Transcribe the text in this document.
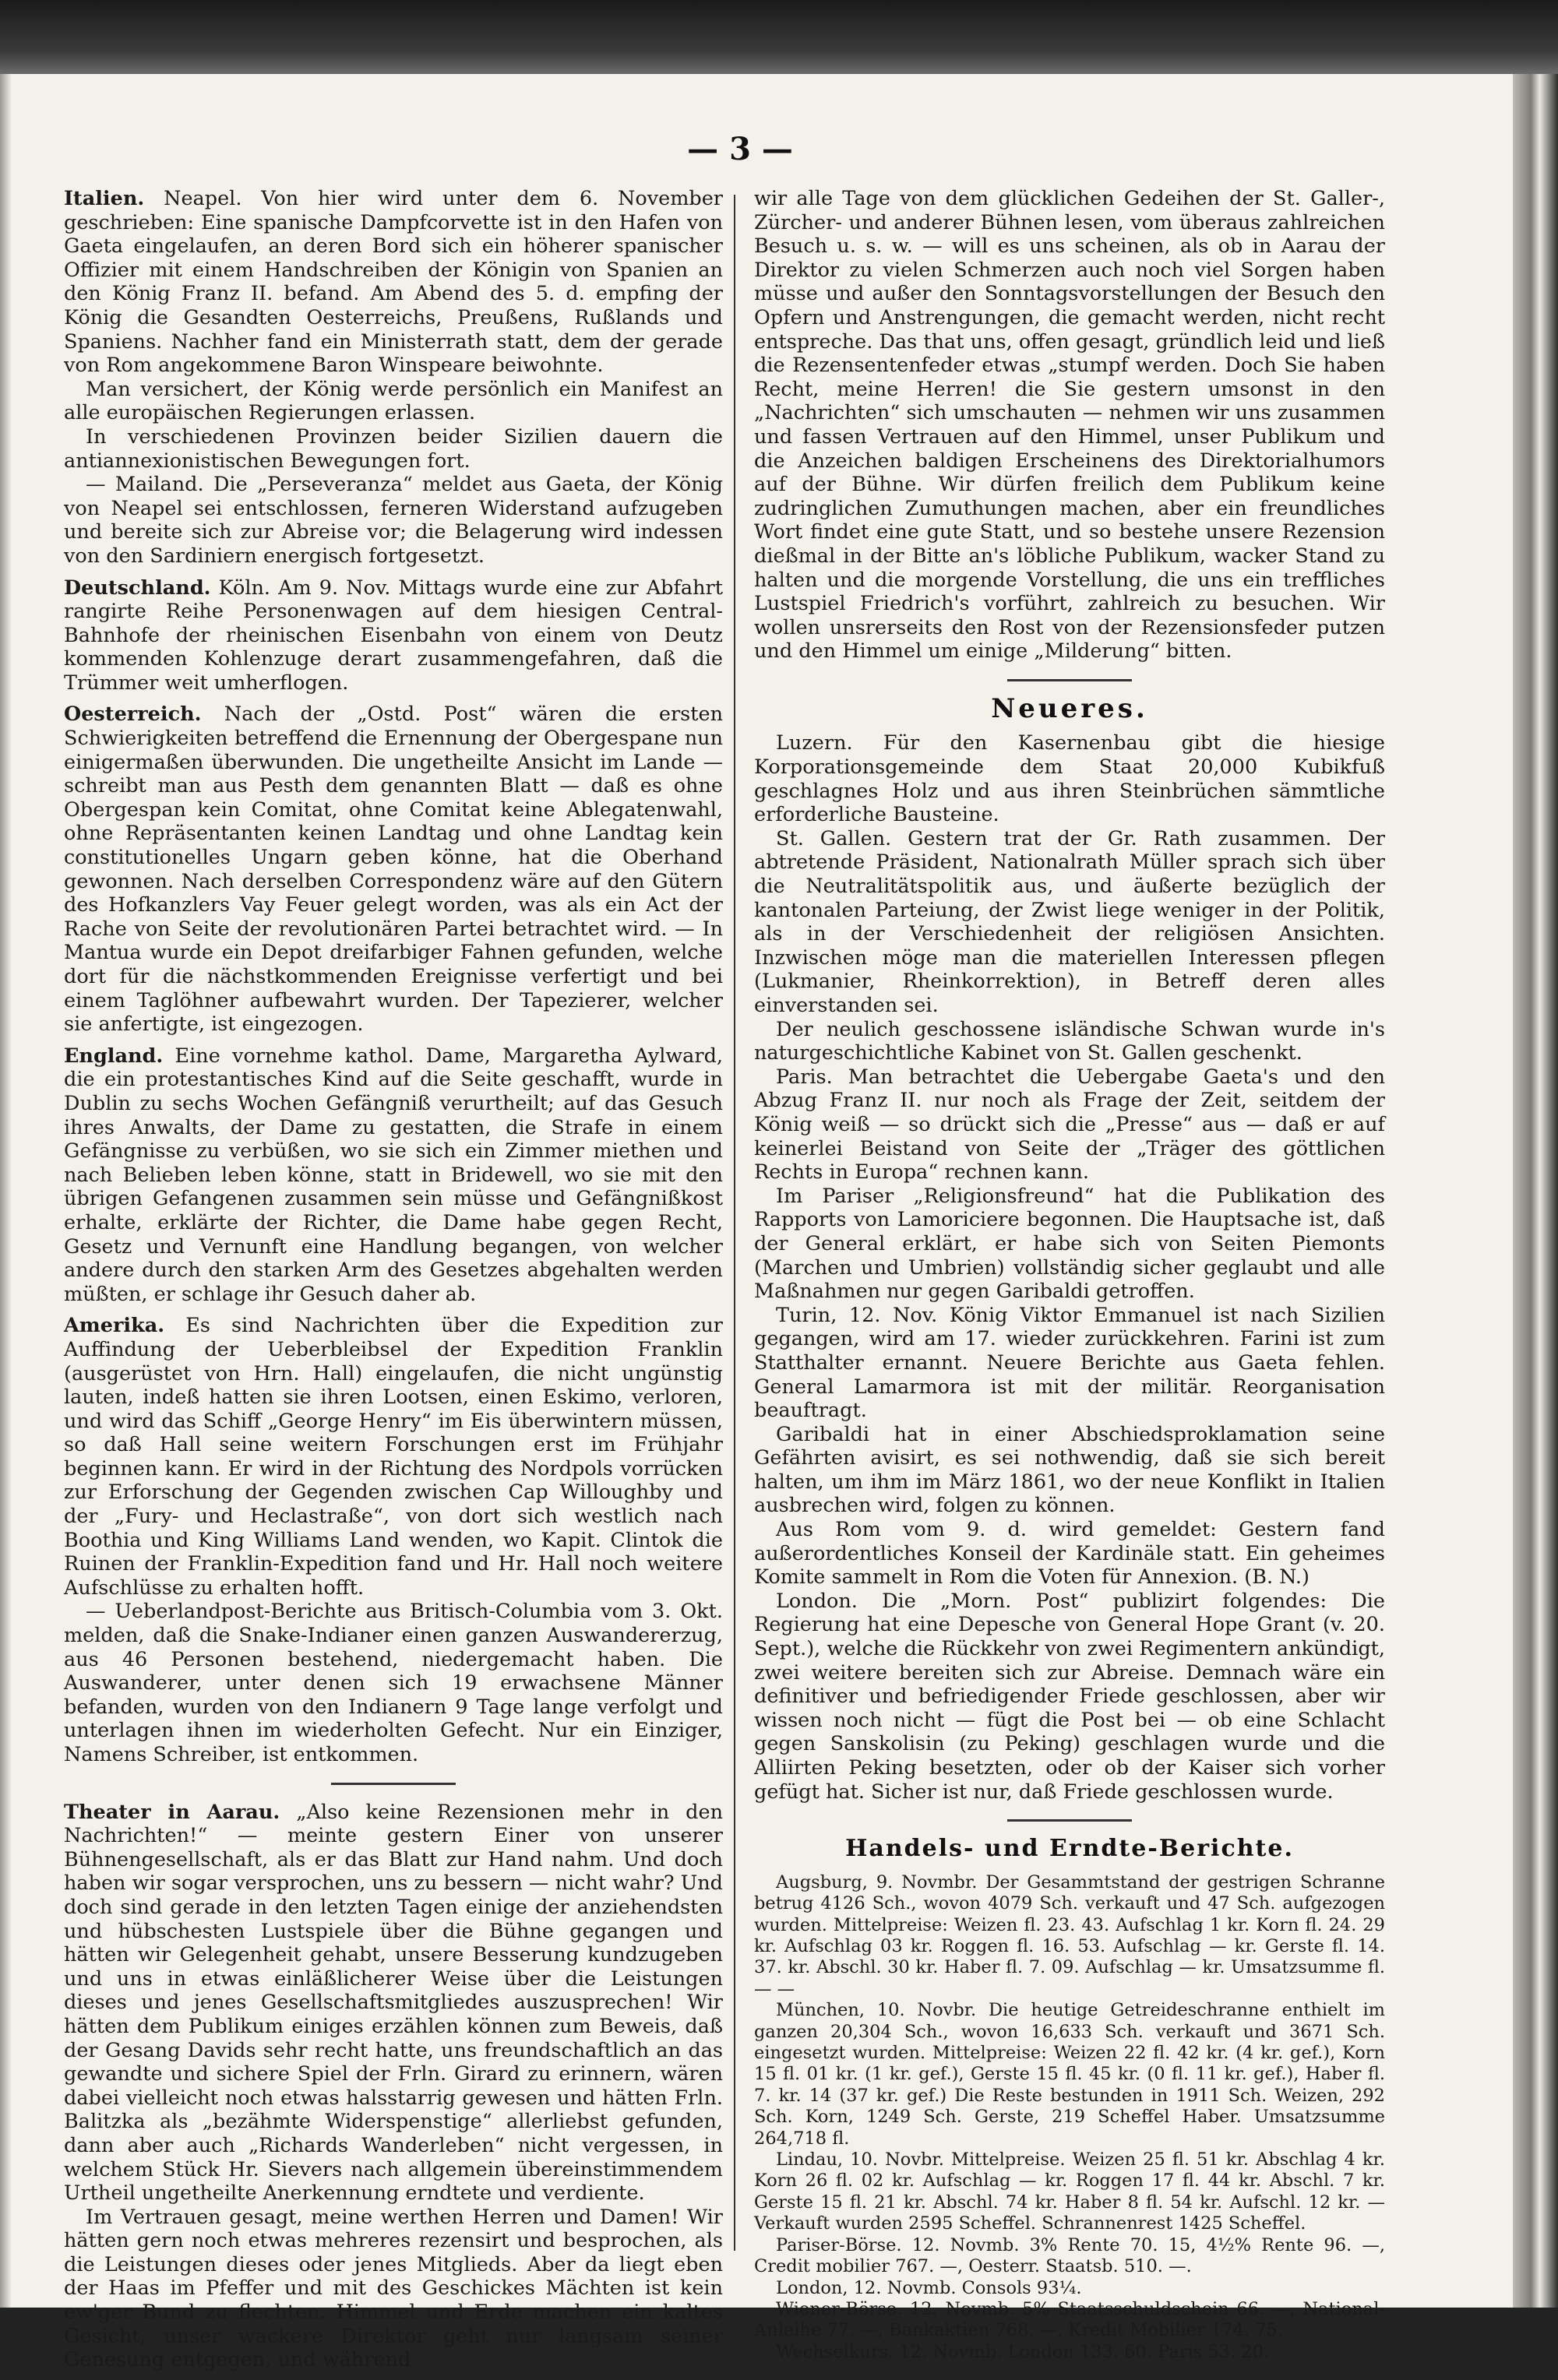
— 3 —

Italien. Neapel. Von hier wird unter dem 6. November geschrieben: Eine spanische Dampfcorvette ist in den Hafen von Gaeta eingelaufen, an deren Bord sich ein höherer spanischer Offizier mit einem Handschreiben der Königin von Spanien an den König Franz II. befand. Am Abend des 5. d. empfing der König die Gesandten Oesterreichs, Preußens, Rußlands und Spaniens. Nachher fand ein Ministerrath statt, dem der gerade von Rom angekommene Baron Winspeare beiwohnte.

Man versichert, der König werde persönlich ein Manifest an alle europäischen Regierungen erlassen.

In verschiedenen Provinzen beider Sizilien dauern die antiannexionistischen Bewegungen fort.

— Mailand. Die „Perseveranza“ meldet aus Gaeta, der König von Neapel sei entschlossen, ferneren Widerstand aufzugeben und bereite sich zur Abreise vor; die Belagerung wird indessen von den Sardiniern energisch fortgesetzt.

Deutschland. Köln. Am 9. Nov. Mittags wurde eine zur Abfahrt rangirte Reihe Personenwagen auf dem hiesigen Central-Bahnhofe der rheinischen Eisenbahn von einem von Deutz kommenden Kohlenzuge derart zusammengefahren, daß die Trümmer weit umherflogen.

Oesterreich. Nach der „Ostd. Post“ wären die ersten Schwierigkeiten betreffend die Ernennung der Obergespane nun einigermaßen überwunden. Die ungetheilte Ansicht im Lande — schreibt man aus Pesth dem genannten Blatt — daß es ohne Obergespan kein Comitat, ohne Comitat keine Ablegatenwahl, ohne Repräsentanten keinen Landtag und ohne Landtag kein constitutionelles Ungarn geben könne, hat die Oberhand gewonnen. Nach derselben Correspondenz wäre auf den Gütern des Hofkanzlers Vay Feuer gelegt worden, was als ein Act der Rache von Seite der revolutionären Partei betrachtet wird. — In Mantua wurde ein Depot dreifarbiger Fahnen gefunden, welche dort für die nächstkommenden Ereignisse verfertigt und bei einem Taglöhner aufbewahrt wurden. Der Tapezierer, welcher sie anfertigte, ist eingezogen.

England. Eine vornehme kathol. Dame, Margaretha Aylward, die ein protestantisches Kind auf die Seite geschafft, wurde in Dublin zu sechs Wochen Gefängniß verurtheilt; auf das Gesuch ihres Anwalts, der Dame zu gestatten, die Strafe in einem Gefängnisse zu verbüßen, wo sie sich ein Zimmer miethen und nach Belieben leben könne, statt in Bridewell, wo sie mit den übrigen Gefangenen zusammen sein müsse und Gefängnißkost erhalte, erklärte der Richter, die Dame habe gegen Recht, Gesetz und Vernunft eine Handlung begangen, von welcher andere durch den starken Arm des Gesetzes abgehalten werden müßten, er schlage ihr Gesuch daher ab.

Amerika. Es sind Nachrichten über die Expedition zur Auffindung der Ueberbleibsel der Expedition Franklin (ausgerüstet von Hrn. Hall) eingelaufen, die nicht ungünstig lauten, indeß hatten sie ihren Lootsen, einen Eskimo, verloren, und wird das Schiff „George Henry“ im Eis überwintern müssen, so daß Hall seine weitern Forschungen erst im Frühjahr beginnen kann. Er wird in der Richtung des Nordpols vorrücken zur Erforschung der Gegenden zwischen Cap Willoughby und der „Fury- und Heclastraße“, von dort sich westlich nach Boothia und King Williams Land wenden, wo Kapit. Clintok die Ruinen der Franklin-Expedition fand und Hr. Hall noch weitere Aufschlüsse zu erhalten hofft.

— Ueberlandpost-Berichte aus Britisch-Columbia vom 3. Okt. melden, daß die Snake-Indianer einen ganzen Auswandererzug, aus 46 Personen bestehend, niedergemacht haben. Die Auswanderer, unter denen sich 19 erwachsene Männer befanden, wurden von den Indianern 9 Tage lange verfolgt und unterlagen ihnen im wiederholten Gefecht. Nur ein Einziger, Namens Schreiber, ist entkommen.

Theater in Aarau. „Also keine Rezensionen mehr in den Nachrichten!“ — meinte gestern Einer von unserer Bühnengesellschaft, als er das Blatt zur Hand nahm. Und doch haben wir sogar versprochen, uns zu bessern — nicht wahr? Und doch sind gerade in den letzten Tagen einige der anziehendsten und hübschesten Lustspiele über die Bühne gegangen und hätten wir Gelegenheit gehabt, unsere Besserung kundzugeben und uns in etwas einläßlicherer Weise über die Leistungen dieses und jenes Gesellschaftsmitgliedes auszusprechen! Wir hätten dem Publikum einiges erzählen können zum Beweis, daß der Gesang Davids sehr recht hatte, uns freundschaftlich an das gewandte und sichere Spiel der Frln. Girard zu erinnern, wären dabei vielleicht noch etwas halsstarrig gewesen und hätten Frln. Balitzka als „bezähmte Widerspenstige“ allerliebst gefunden, dann aber auch „Richards Wanderleben“ nicht vergessen, in welchem Stück Hr. Sievers nach allgemein übereinstimmendem Urtheil ungetheilte Anerkennung erndtete und verdiente.

Im Vertrauen gesagt, meine werthen Herren und Damen! Wir hätten gern noch etwas mehreres rezensirt und besprochen, als die Leistungen dieses oder jenes Mitglieds. Aber da liegt eben der Haas im Pfeffer und mit des Geschickes Mächten ist kein ew'ger Bund zu flechten. Himmel und Erde machen ein kaltes Gesicht, unser wackere Direktor geht nur langsam seiner Genesung entgegen, und während

wir alle Tage von dem glücklichen Gedeihen der St. Galler-, Zürcher- und anderer Bühnen lesen, vom überaus zahlreichen Besuch u. s. w. — will es uns scheinen, als ob in Aarau der Direktor zu vielen Schmerzen auch noch viel Sorgen haben müsse und außer den Sonntagsvorstellungen der Besuch den Opfern und Anstrengungen, die gemacht werden, nicht recht entspreche. Das that uns, offen gesagt, gründlich leid und ließ die Rezensentenfeder etwas „stumpf werden. Doch Sie haben Recht, meine Herren! die Sie gestern umsonst in den „Nachrichten“ sich umschauten — nehmen wir uns zusammen und fassen Vertrauen auf den Himmel, unser Publikum und die Anzeichen baldigen Erscheinens des Direktorialhumors auf der Bühne. Wir dürfen freilich dem Publikum keine zudringlichen Zumuthungen machen, aber ein freundliches Wort findet eine gute Statt, und so bestehe unsere Rezension dießmal in der Bitte an's löbliche Publikum, wacker Stand zu halten und die morgende Vorstellung, die uns ein treffliches Lustspiel Friedrich's vorführt, zahlreich zu besuchen. Wir wollen unsrerseits den Rost von der Rezensionsfeder putzen und den Himmel um einige „Milderung“ bitten.

Neueres.

Luzern. Für den Kasernenbau gibt die hiesige Korporationsgemeinde dem Staat 20,000 Kubikfuß geschlagnes Holz und aus ihren Steinbrüchen sämmtliche erforderliche Bausteine.

St. Gallen. Gestern trat der Gr. Rath zusammen. Der abtretende Präsident, Nationalrath Müller sprach sich über die Neutralitätspolitik aus, und äußerte bezüglich der kantonalen Parteiung, der Zwist liege weniger in der Politik, als in der Verschiedenheit der religiösen Ansichten. Inzwischen möge man die materiellen Interessen pflegen (Lukmanier, Rheinkorrektion), in Betreff deren alles einverstanden sei.

Der neulich geschossene isländische Schwan wurde in's naturgeschichtliche Kabinet von St. Gallen geschenkt.

Paris. Man betrachtet die Uebergabe Gaeta's und den Abzug Franz II. nur noch als Frage der Zeit, seitdem der König weiß — so drückt sich die „Presse“ aus — daß er auf keinerlei Beistand von Seite der „Träger des göttlichen Rechts in Europa“ rechnen kann.

Im Pariser „Religionsfreund“ hat die Publikation des Rapports von Lamoriciere begonnen. Die Hauptsache ist, daß der General erklärt, er habe sich von Seiten Piemonts (Marchen und Umbrien) vollständig sicher geglaubt und alle Maßnahmen nur gegen Garibaldi getroffen.

Turin, 12. Nov. König Viktor Emmanuel ist nach Sizilien gegangen, wird am 17. wieder zurückkehren. Farini ist zum Statthalter ernannt. Neuere Berichte aus Gaeta fehlen. General Lamarmora ist mit der militär. Reorganisation beauftragt.

Garibaldi hat in einer Abschiedsproklamation seine Gefährten avisirt, es sei nothwendig, daß sie sich bereit halten, um ihm im März 1861, wo der neue Konflikt in Italien ausbrechen wird, folgen zu können.

Aus Rom vom 9. d. wird gemeldet: Gestern fand außerordentliches Konseil der Kardinäle statt. Ein geheimes Komite sammelt in Rom die Voten für Annexion. (B. N.)

London. Die „Morn. Post“ publizirt folgendes: Die Regierung hat eine Depesche von General Hope Grant (v. 20. Sept.), welche die Rückkehr von zwei Regimentern ankündigt, zwei weitere bereiten sich zur Abreise. Demnach wäre ein definitiver und befriedigender Friede geschlossen, aber wir wissen noch nicht — fügt die Post bei — ob eine Schlacht gegen Sanskolisin (zu Peking) geschlagen wurde und die Alliirten Peking besetzten, oder ob der Kaiser sich vorher gefügt hat. Sicher ist nur, daß Friede geschlossen wurde.

Handels- und Erndte-Berichte.

Augsburg, 9. Novmbr. Der Gesammtstand der gestrigen Schranne betrug 4126 Sch., wovon 4079 Sch. verkauft und 47 Sch. aufgezogen wurden. Mittelpreise: Weizen fl. 23. 43. Aufschlag 1 kr. Korn fl. 24. 29 kr. Aufschlag 03 kr. Roggen fl. 16. 53. Aufschlag — kr. Gerste fl. 14. 37. kr. Abschl. 30 kr. Haber fl. 7. 09. Aufschlag — kr. Umsatzsumme fl. — —

München, 10. Novbr. Die heutige Getreideschranne enthielt im ganzen 20,304 Sch., wovon 16,633 Sch. verkauft und 3671 Sch. eingesetzt wurden. Mittelpreise: Weizen 22 fl. 42 kr. (4 kr. gef.), Korn 15 fl. 01 kr. (1 kr. gef.), Gerste 15 fl. 45 kr. (0 fl. 11 kr. gef.), Haber fl. 7. kr. 14 (37 kr. gef.) Die Reste bestunden in 1911 Sch. Weizen, 292 Sch. Korn, 1249 Sch. Gerste, 219 Scheffel Haber. Umsatzsumme 264,718 fl.

Lindau, 10. Novbr. Mittelpreise. Weizen 25 fl. 51 kr. Abschlag 4 kr. Korn 26 fl. 02 kr. Aufschlag — kr. Roggen 17 fl. 44 kr. Abschl. 7 kr. Gerste 15 fl. 21 kr. Abschl. 74 kr. Haber 8 fl. 54 kr. Aufschl. 12 kr. — Verkauft wurden 2595 Scheffel. Schrannenrest 1425 Scheffel.

Pariser-Börse. 12. Novmb. 3% Rente 70. 15, 4½% Rente 96. —, Credit mobilier 767. —, Oesterr. Staatsb. 510. —.

London, 12. Novmb. Consols 93¼.

Wiener-Börse. 12. Novmb. 5% Staatsschuldschein 66. —, National-Anleihe 77. —, Bankaktien 768. —, Kredit Mobilier 174. 75.

Wechselkurs. 12. Novmb. London 133. 60. Paris 53. 20.
